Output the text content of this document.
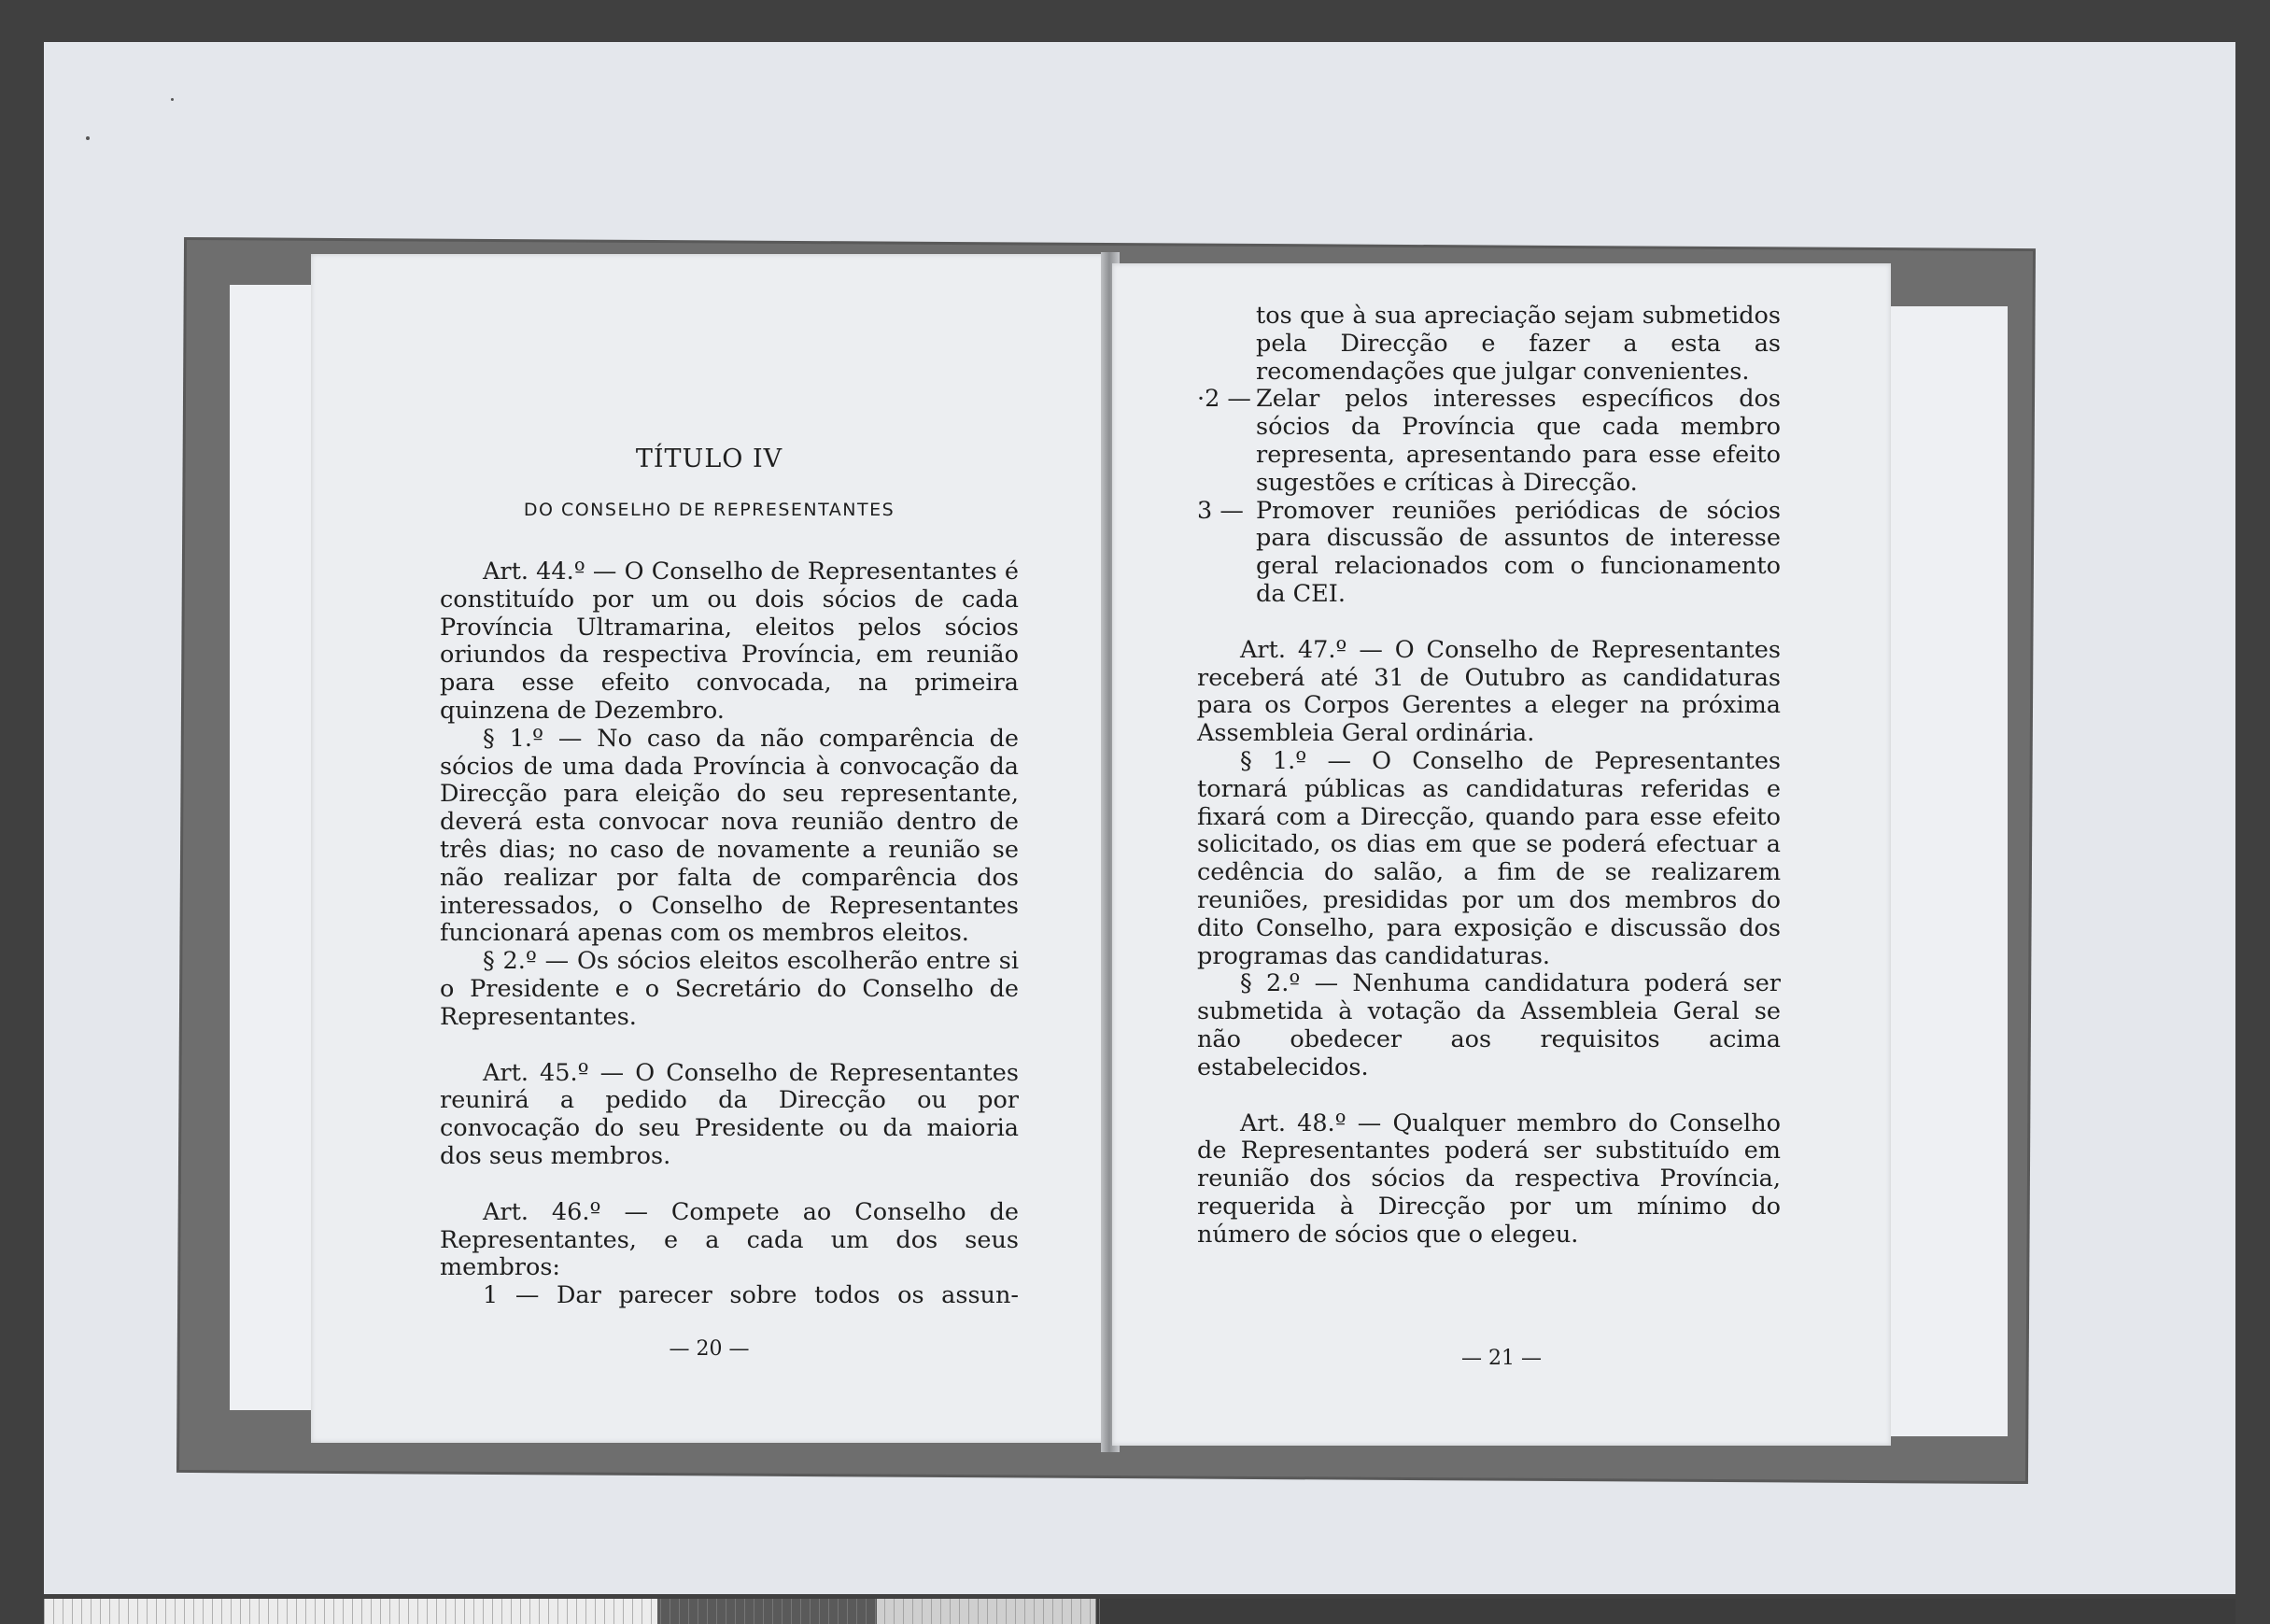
TÍTULO IV
DO CONSELHO DE REPRESENTANTES

Art. 44.º — O Conselho de Representantes é constituído por um ou dois sócios de cada Província Ultramarina, eleitos pelos sócios oriundos da respectiva Província, em reunião para esse efeito convocada, na primeira quinzena de Dezembro.

§ 1.º — No caso da não comparência de sócios de uma dada Província à convocação da Direcção para eleição do seu representante, deverá esta convocar nova reunião dentro de três dias; no caso de novamente a reunião se não realizar por falta de comparência dos interessados, o Conselho de Representantes funcionará apenas com os membros eleitos.

§ 2.º — Os sócios eleitos escolherão entre si o Presidente e o Secretário do Conselho de Representantes.

Art. 45.º — O Conselho de Representantes reunirá a pedido da Direcção ou por convocação do seu Presidente ou da maioria dos seus membros.

Art. 46.º — Compete ao Conselho de Representantes, e a cada um dos seus membros:

1 — Dar parecer sobre todos os assun-

— 20 —
tos que à sua apreciação sejam submetidos pela Direcção e fazer a esta as recomendações que julgar convenientes.
·2 — Zelar pelos interesses específicos dos sócios da Província que cada membro representa, apresentando para esse efeito sugestões e críticas à Direcção.
3 — Promover reuniões periódicas de sócios para discussão de assuntos de interesse geral relacionados com o funcionamento da CEI.

Art. 47.º — O Conselho de Representantes receberá até 31 de Outubro as candidaturas para os Corpos Gerentes a eleger na próxima Assembleia Geral ordinária.

§ 1.º — O Conselho de Pepresentantes tornará públicas as candidaturas referidas e fixará com a Direcção, quando para esse efeito solicitado, os dias em que se poderá efectuar a cedência do salão, a fim de se realizarem reuniões, presididas por um dos membros do dito Conselho, para exposição e discussão dos programas das candidaturas.

§ 2.º — Nenhuma candidatura poderá ser submetida à votação da Assembleia Geral se não obedecer aos requisitos acima estabelecidos.

Art. 48.º — Qualquer membro do Conselho de Representantes poderá ser substituído em reunião dos sócios da respectiva Província, requerida à Direcção por um mínimo do número de sócios que o elegeu.

— 21 —
